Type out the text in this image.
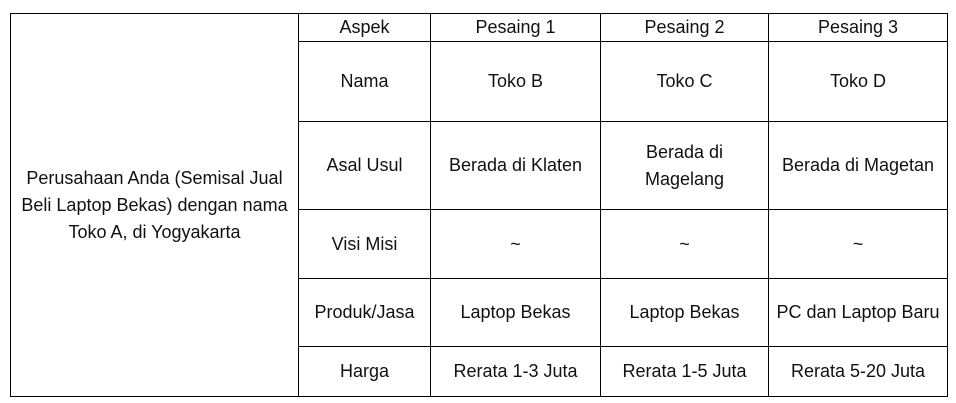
Perusahaan Anda (Semisal Jual Beli Laptop Bekas) dengan nama Toko A, di Yogyakarta	Aspek	Pesaing 1	Pesaing 2	Pesaing 3
	Nama	Toko B	Toko C	Toko D
	Asal Usul	Berada di Klaten	Berada di Magelang	Berada di Magetan
	Visi Misi	~	~	~
	Produk/Jasa	Laptop Bekas	Laptop Bekas	PC dan Laptop Baru
	Harga	Rerata 1-3 Juta	Rerata 1-5 Juta	Rerata 5-20 Juta
